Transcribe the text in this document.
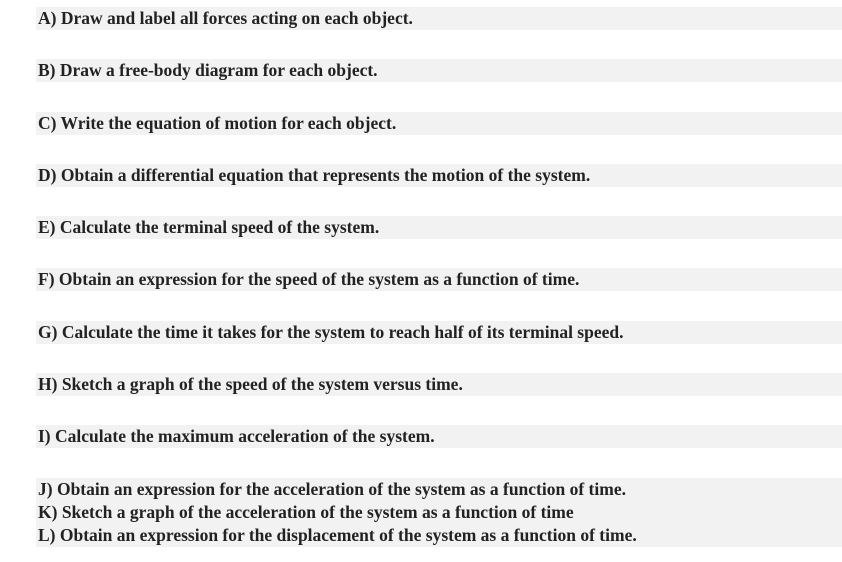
A) Draw and label all forces acting on each object.
B) Draw a free-body diagram for each object.
C) Write the equation of motion for each object.
D) Obtain a differential equation that represents the motion of the system.
E) Calculate the terminal speed of the system.
F) Obtain an expression for the speed of the system as a function of time.
G) Calculate the time it takes for the system to reach half of its terminal speed.
H) Sketch a graph of the speed of the system versus time.
I) Calculate the maximum acceleration of the system.
J) Obtain an expression for the acceleration of the system as a function of time.
K) Sketch a graph of the acceleration of the system as a function of time
L) Obtain an expression for the displacement of the system as a function of time.
